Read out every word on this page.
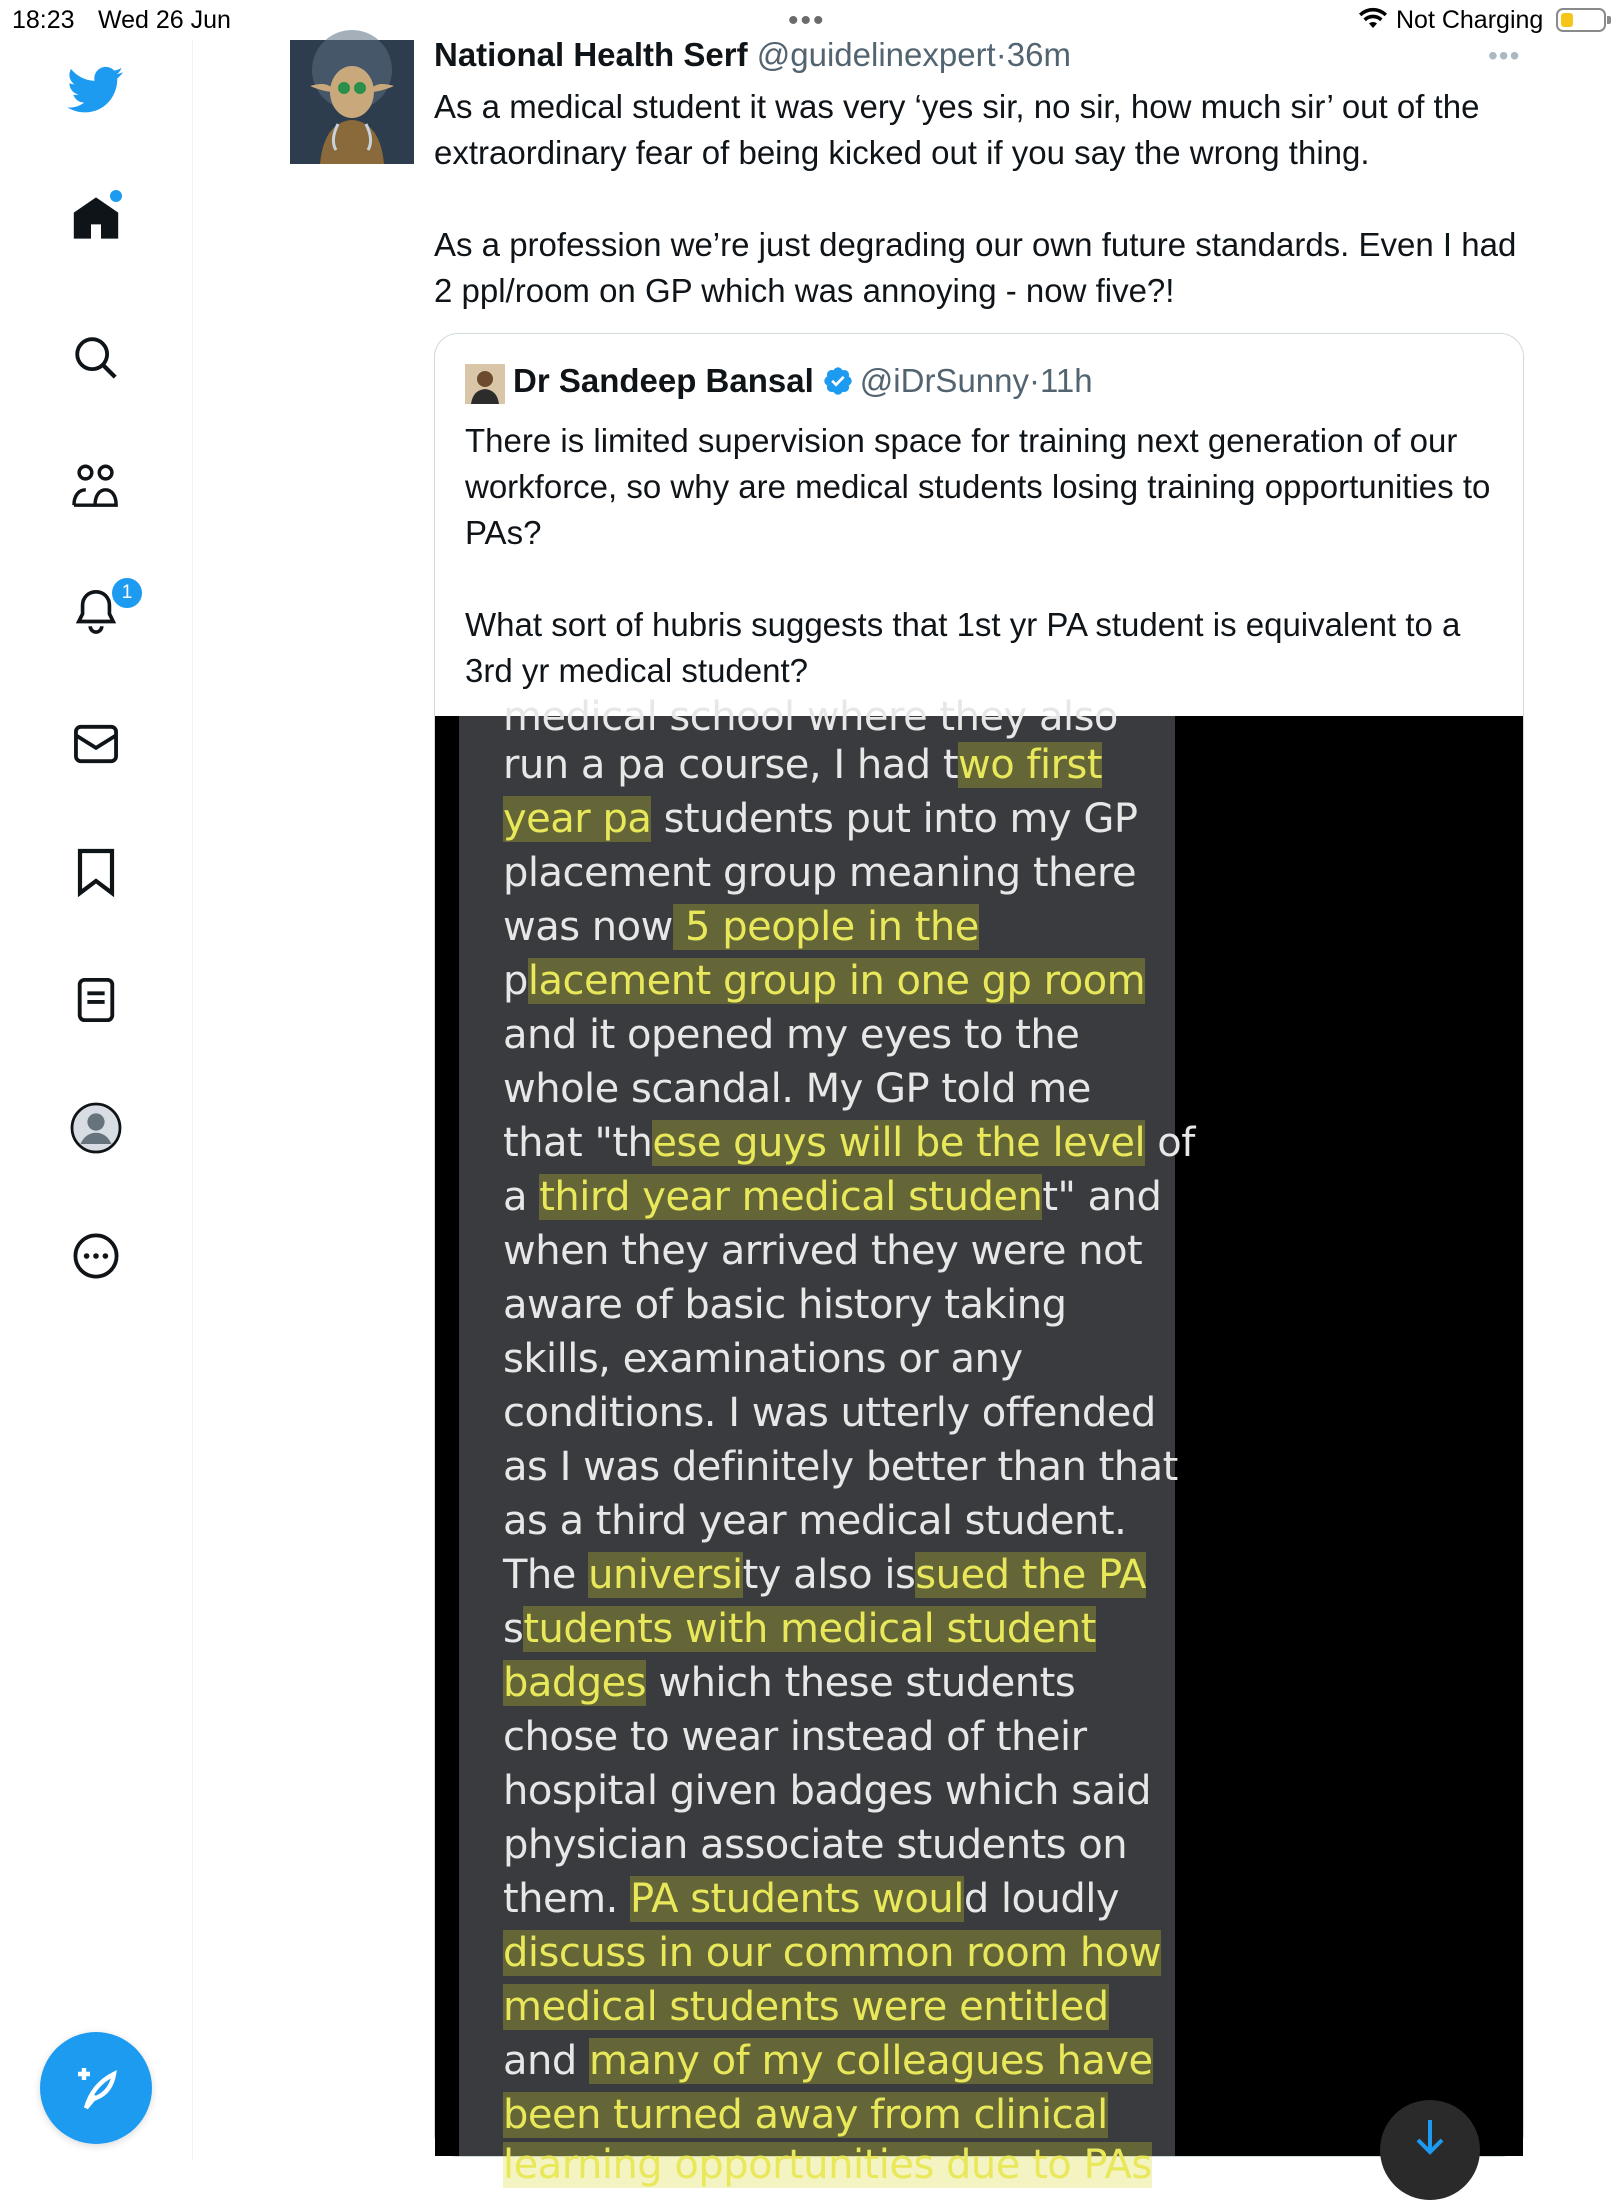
18:23 Wed 26 Jun	•••	Not Charging
1
National Health Serf @guidelinexpert·36m	•••

As a medical student it was very ‘yes sir, no sir, how much sir’ out of the extraordinary fear of being kicked out if you say the wrong thing.

As a profession we’re just degrading our own future standards. Even I had 2 ppl/room on GP which was annoying - now five?!

Dr Sandeep Bansal @iDrSunny · 11h

There is limited supervision space for training next generation of our workforce, so why are medical students losing training opportunities to PAs?

What sort of hubris suggests that 1st yr PA student is equivalent to a 3rd yr medical student?

medical school where they also
run a pa course, I had two first
year pa students put into my GP
placement group meaning there
was now 5 people in the
placement group in one gp room
and it opened my eyes to the
whole scandal. My GP told me
that "these guys will be the level of
a third year medical student" and
when they arrived they were not
aware of basic history taking
skills, examinations or any
conditions. I was utterly offended
as I was definitely better than that
as a third year medical student.
The university also issued the PA
students with medical student
badges which these students
chose to wear instead of their
hospital given badges which said
physician associate students on
them. PA students would loudly
discuss in our common room how
medical students were entitled
and many of my colleagues have
been turned away from clinical
learning opportunities due to PAs
